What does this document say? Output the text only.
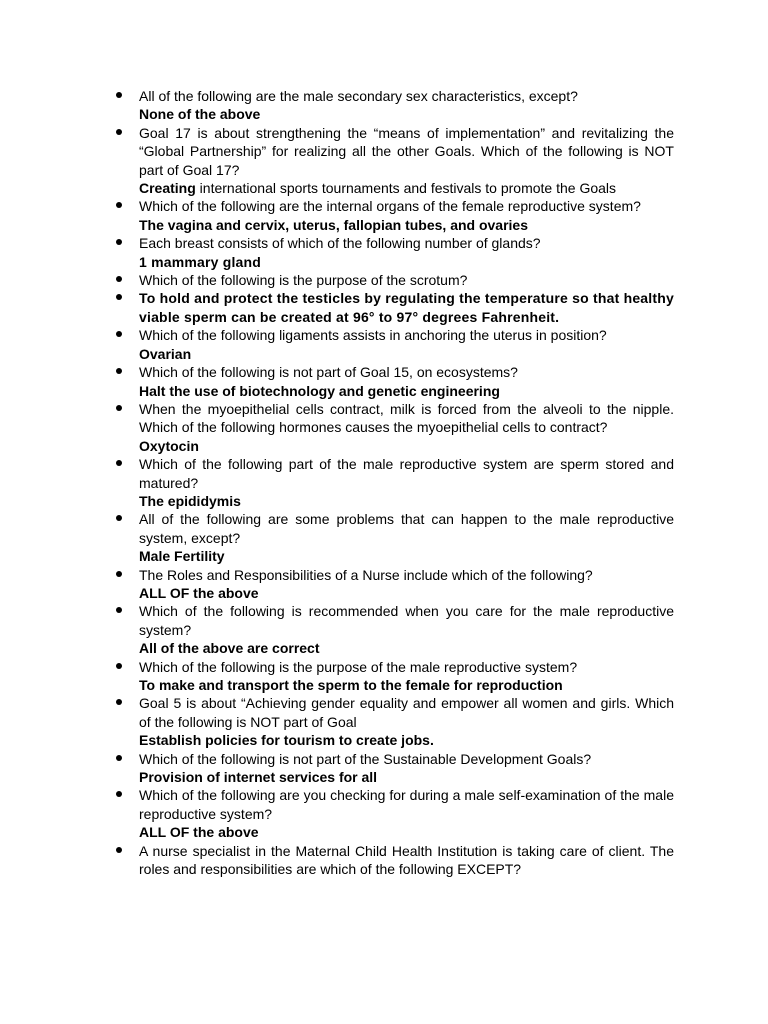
All of the following are the male secondary sex characteristics, except?
None of the above
Goal 17 is about strengthening the “means of implementation” and revitalizing the “Global Partnership” for realizing all the other Goals. Which of the following is NOT part of Goal 17?
Creating international sports tournaments and festivals to promote the Goals
Which of the following are the internal organs of the female reproductive system?
The vagina and cervix, uterus, fallopian tubes, and ovaries
Each breast consists of which of the following number of glands?
1 mammary gland
Which of the following is the purpose of the scrotum?
To hold and protect the testicles by regulating the temperature so that healthy viable sperm can be created at 96° to 97° degrees Fahrenheit.
Which of the following ligaments assists in anchoring the uterus in position?
Ovarian
Which of the following is not part of Goal 15, on ecosystems?
Halt the use of biotechnology and genetic engineering
When the myoepithelial cells contract, milk is forced from the alveoli to the nipple. Which of the following hormones causes the myoepithelial cells to contract?
Oxytocin
Which of the following part of the male reproductive system are sperm stored and matured?
The epididymis
All of the following are some problems that can happen to the male reproductive system, except?
Male Fertility
The Roles and Responsibilities of a Nurse include which of the following?
ALL OF the above
Which of the following is recommended when you care for the male reproductive system?
All of the above are correct
Which of the following is the purpose of the male reproductive system?
To make and transport the sperm to the female for reproduction
Goal 5 is about “Achieving gender equality and empower all women and girls. Which of the following is NOT part of Goal
Establish policies for tourism to create jobs.
Which of the following is not part of the Sustainable Development Goals?
Provision of internet services for all
Which of the following are you checking for during a male self-examination of the male reproductive system?
ALL OF the above
A nurse specialist in the Maternal Child Health Institution is taking care of client. The roles and responsibilities are which of the following EXCEPT?
